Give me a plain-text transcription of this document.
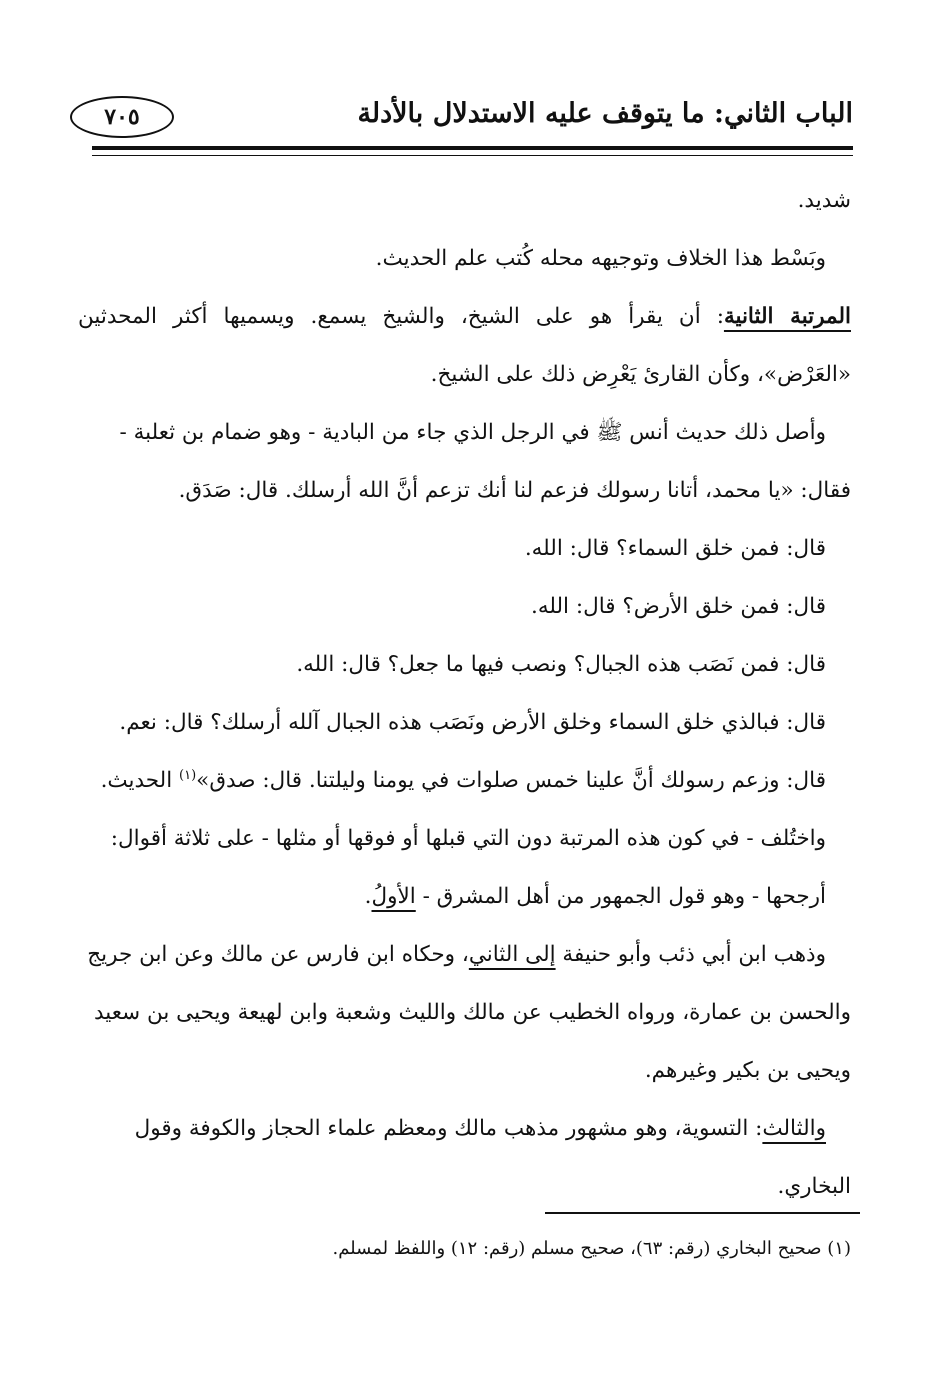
الباب الثاني: ما يتوقف عليه الاستدلال بالأدلة
٧٠٥
شديد.
وبَسْط هذا الخلاف وتوجيهه محله كُتب علم الحديث.
المرتبة الثانية: أن يقرأ هو على الشيخ، والشيخ يسمع. ويسميها أكثر المحدثين
«العَرْض»، وكأن القارئ يَعْرِض ذلك على الشيخ.
وأصل ذلك حديث أنس ﷺ في الرجل الذي جاء من البادية - وهو ضمام بن ثعلبة -
فقال: «يا محمد، أتانا رسولك فزعم لنا أنك تزعم أنَّ الله أرسلك. قال: صَدَق.
قال: فمن خلق السماء؟ قال: الله.
قال: فمن خلق الأرض؟ قال: الله.
قال: فمن نَصَب هذه الجبال؟ ونصب فيها ما جعل؟ قال: الله.
قال: فبالذي خلق السماء وخلق الأرض ونَصَب هذه الجبال آلله أرسلك؟ قال: نعم.
قال: وزعم رسولك أنَّ علينا خمس صلوات في يومنا وليلتنا. قال: صدق»$^{(١)}$ الحديث.
واختُلف - في كون هذه المرتبة دون التي قبلها أو فوقها أو مثلها - على ثلاثة أقوال:
أرجحها - وهو قول الجمهور من أهل المشرق - الأولُ.
وذهب ابن أبي ذئب وأبو حنيفة إلى الثاني، وحكاه ابن فارس عن مالك وعن ابن جريج
والحسن بن عمارة، ورواه الخطيب عن مالك والليث وشعبة وابن لهيعة ويحيى بن سعيد
ويحيى بن بكير وغيرهم.
والثالث: التسوية، وهو مشهور مذهب مالك ومعظم علماء الحجاز والكوفة وقول
البخاري.
(١) صحيح البخاري (رقم: ٦٣)، صحيح مسلم (رقم: ١٢) واللفظ لمسلم.
